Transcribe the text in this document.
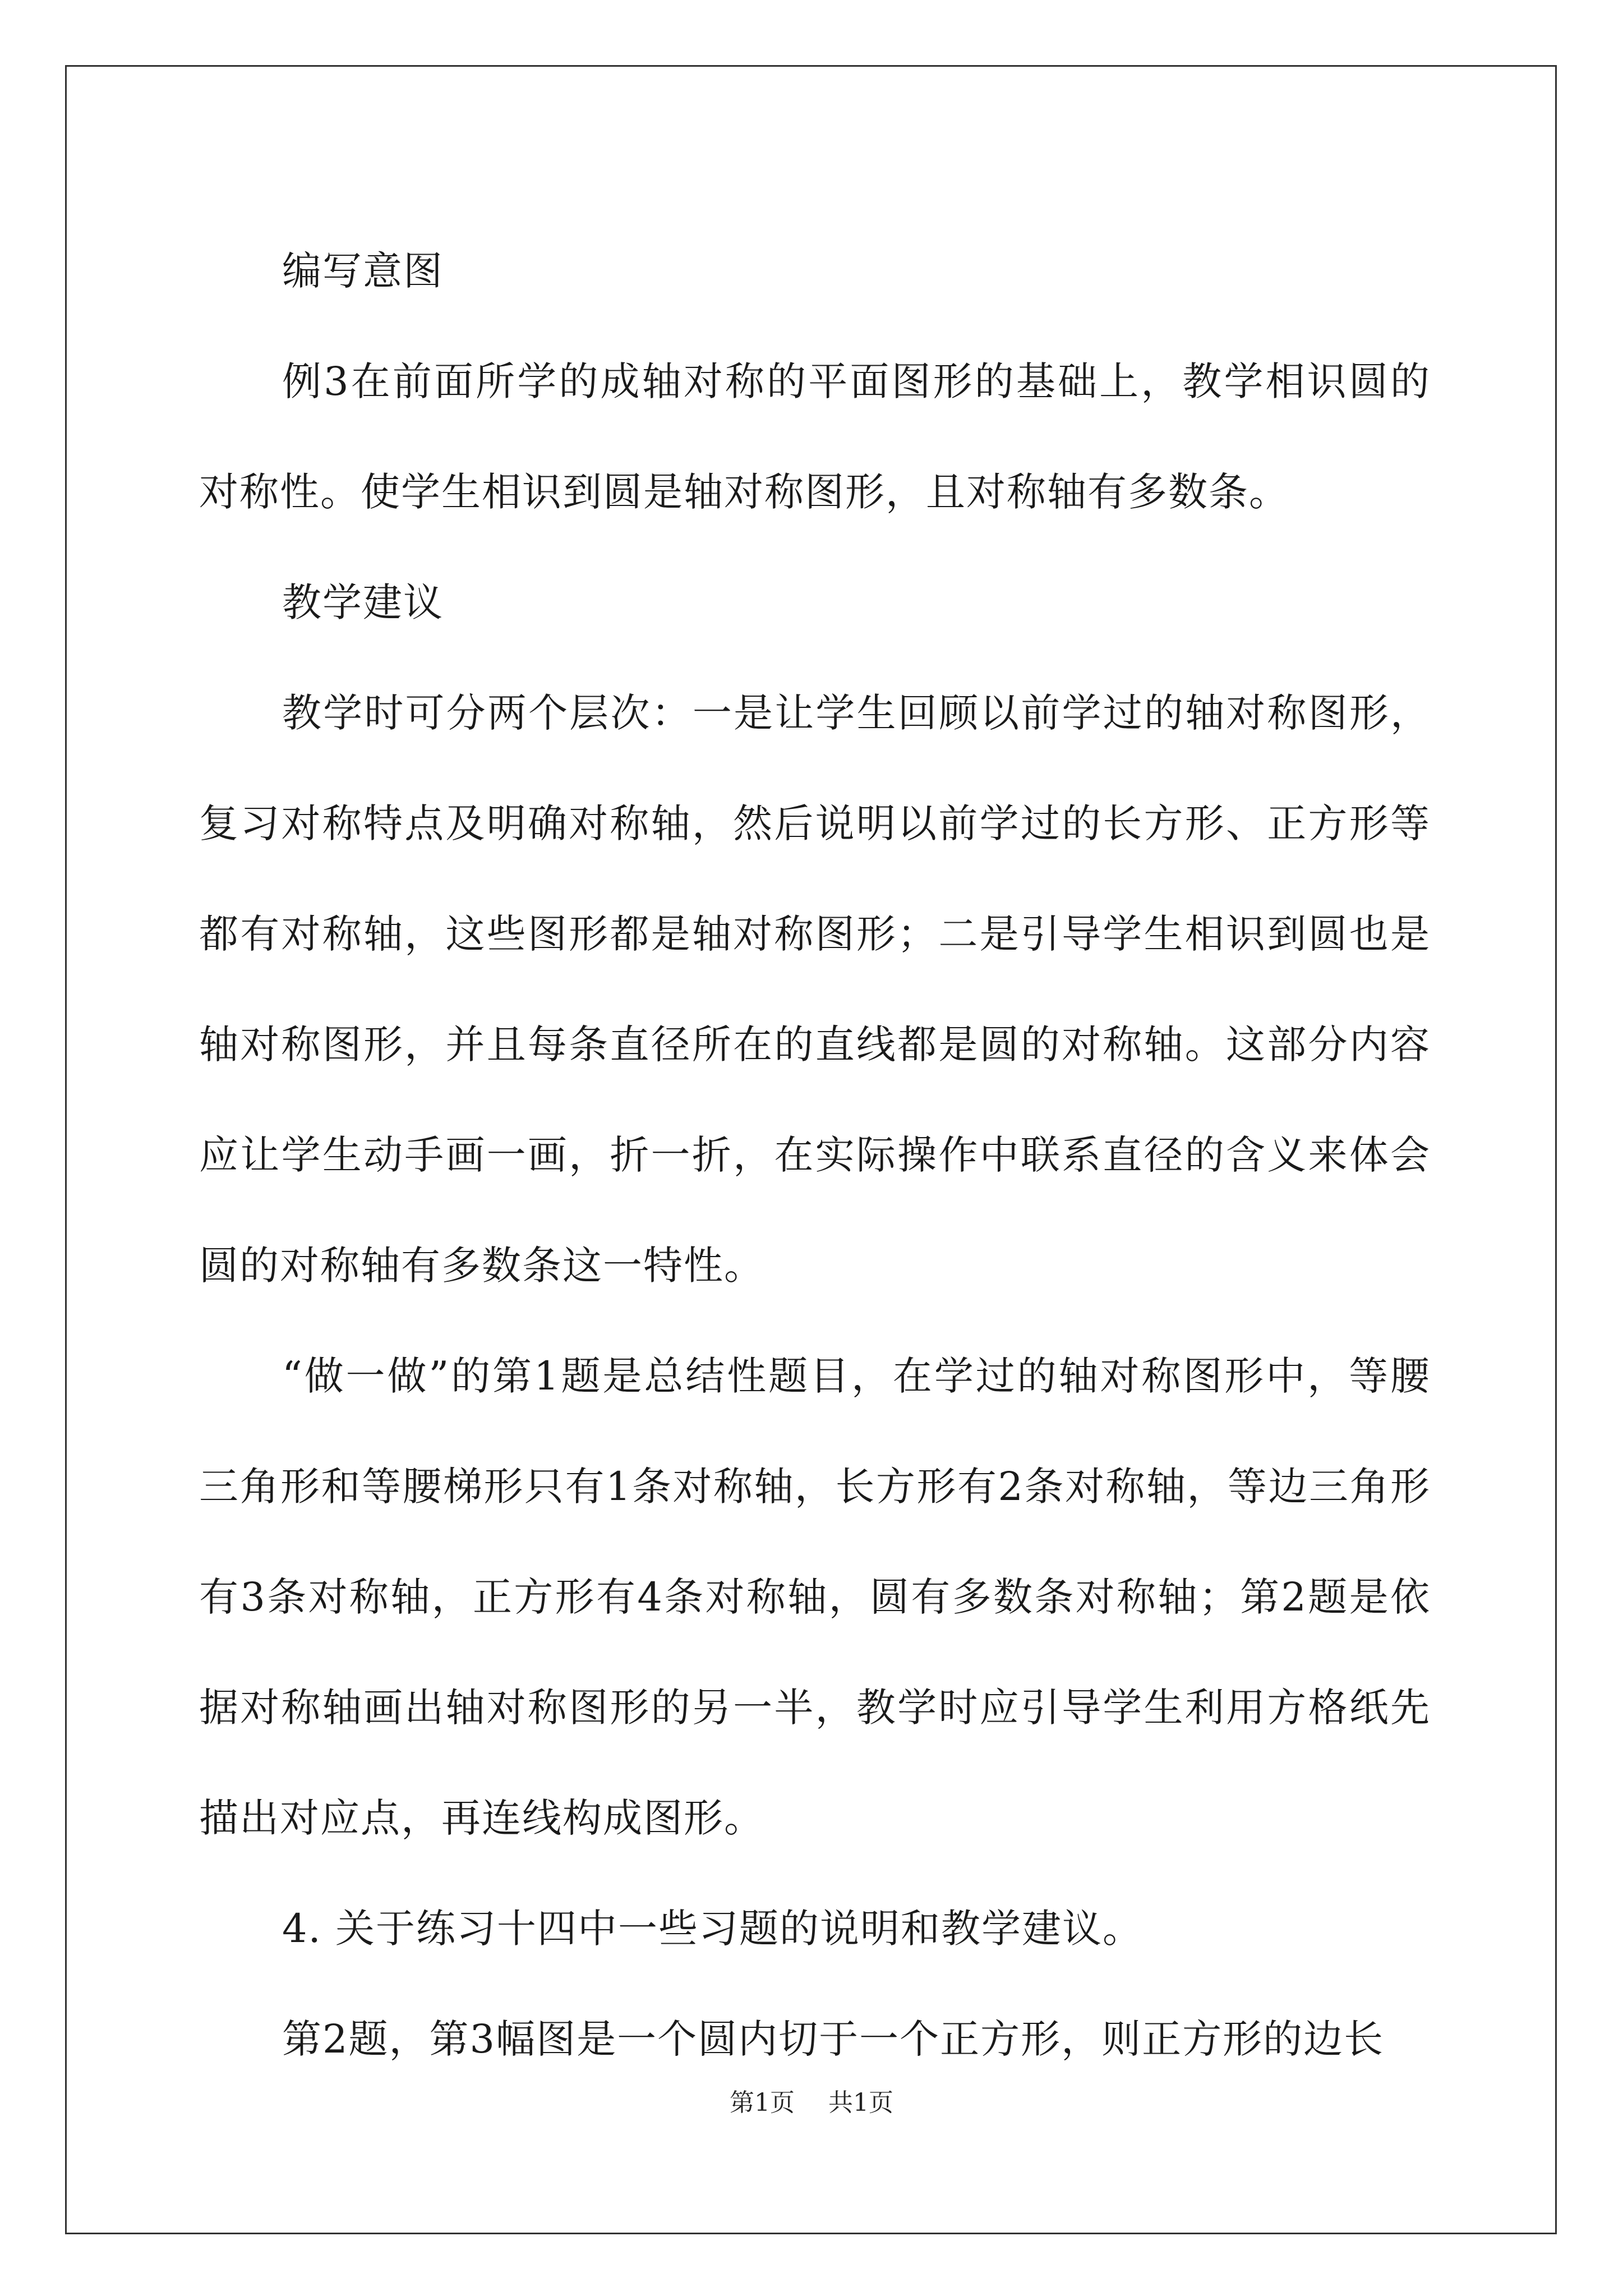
编写意图

例3在前面所学的成轴对称的平面图形的基础上，教学相识圆的对称性。使学生相识到圆是轴对称图形，且对称轴有多数条。

教学建议

教学时可分两个层次：一是让学生回顾以前学过的轴对称图形，复习对称特点及明确对称轴，然后说明以前学过的长方形、正方形等都有对称轴，这些图形都是轴对称图形；二是引导学生相识到圆也是轴对称图形，并且每条直径所在的直线都是圆的对称轴。这部分内容应让学生动手画一画，折一折，在实际操作中联系直径的含义来体会圆的对称轴有多数条这一特性。

“做一做”的第1题是总结性题目，在学过的轴对称图形中，等腰三角形和等腰梯形只有1条对称轴，长方形有2条对称轴，等边三角形有3条对称轴，正方形有4条对称轴，圆有多数条对称轴；第2题是依据对称轴画出轴对称图形的另一半，教学时应引导学生利用方格纸先描出对应点，再连线构成图形。

4. 关于练习十四中一些习题的说明和教学建议。

第2题，第3幅图是一个圆内切于一个正方形，则正方形的边长

第1页 共1页
